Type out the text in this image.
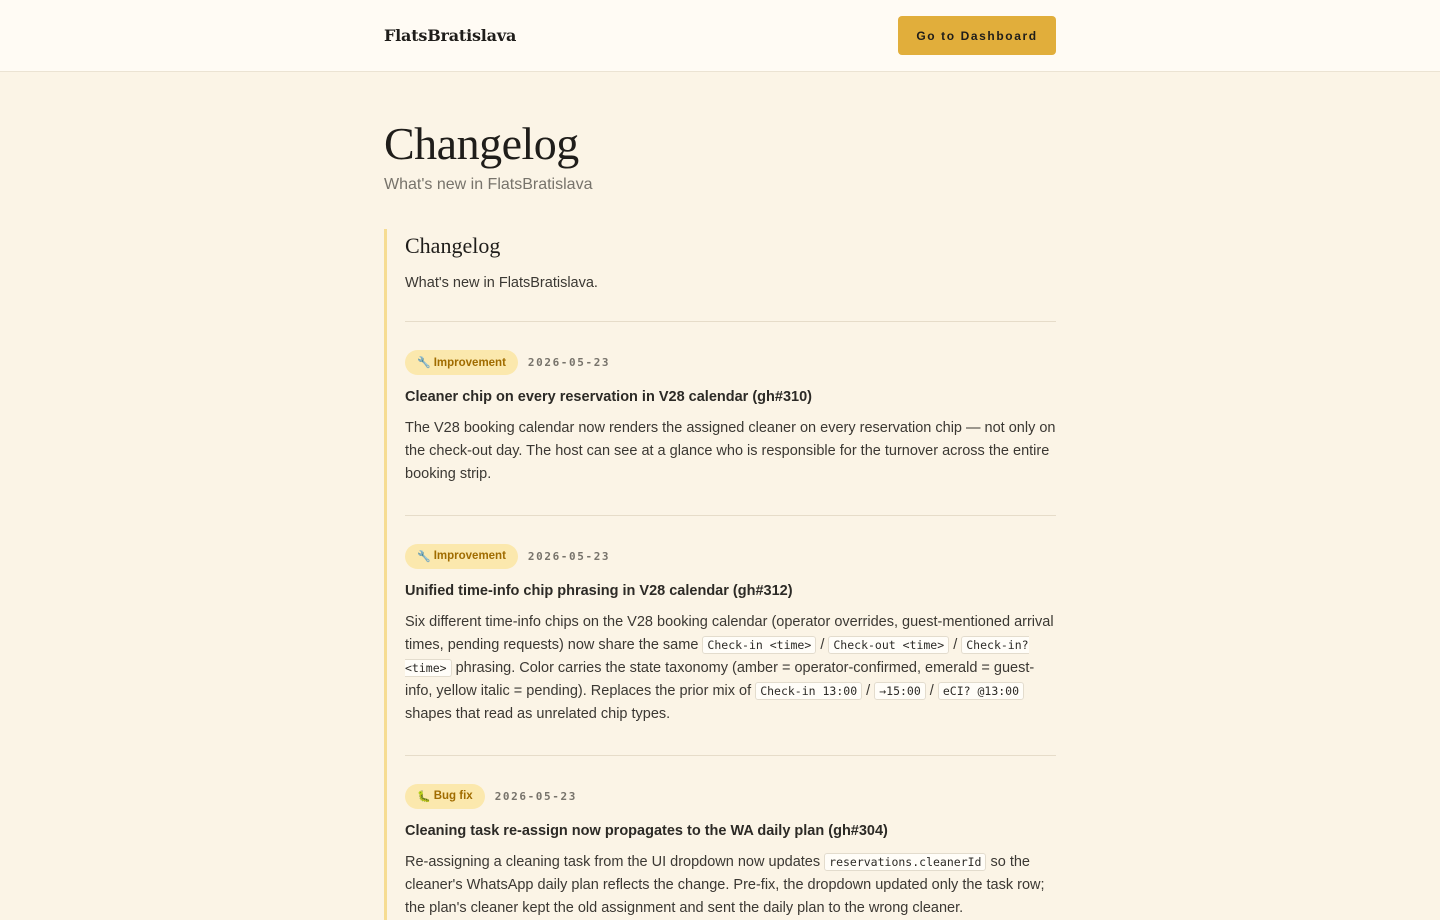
FlatsBratislava	Go to Dashboard
Changelog

What's new in FlatsBratislava

Changelog

What's new in FlatsBratislava.

🔧 Improvement 2026-05-23
Cleaner chip on every reservation in V28 calendar (gh#310)

The V28 booking calendar now renders the assigned cleaner on every reservation chip — not only on the check-out day. The host can see at a glance who is responsible for the turnover across the entire booking strip.

🔧 Improvement 2026-05-23
Unified time-info chip phrasing in V28 calendar (gh#312)

Six different time-info chips on the V28 booking calendar (operator overrides, guest-mentioned arrival times, pending requests) now share the same Check-in <time> / Check-out <time> / Check-in? <time> phrasing. Color carries the state taxonomy (amber = operator-confirmed, emerald = guest-info, yellow italic = pending). Replaces the prior mix of Check-in 13:00 / →15:00 / eCI? @13:00 shapes that read as unrelated chip types.

🐛 Bug fix 2026-05-23
Cleaning task re-assign now propagates to the WA daily plan (gh#304)

Re-assigning a cleaning task from the UI dropdown now updates reservations.cleanerId so the cleaner's WhatsApp daily plan reflects the change. Pre-fix, the dropdown updated only the task row; the plan's cleaner kept the old assignment and sent the daily plan to the wrong cleaner.
